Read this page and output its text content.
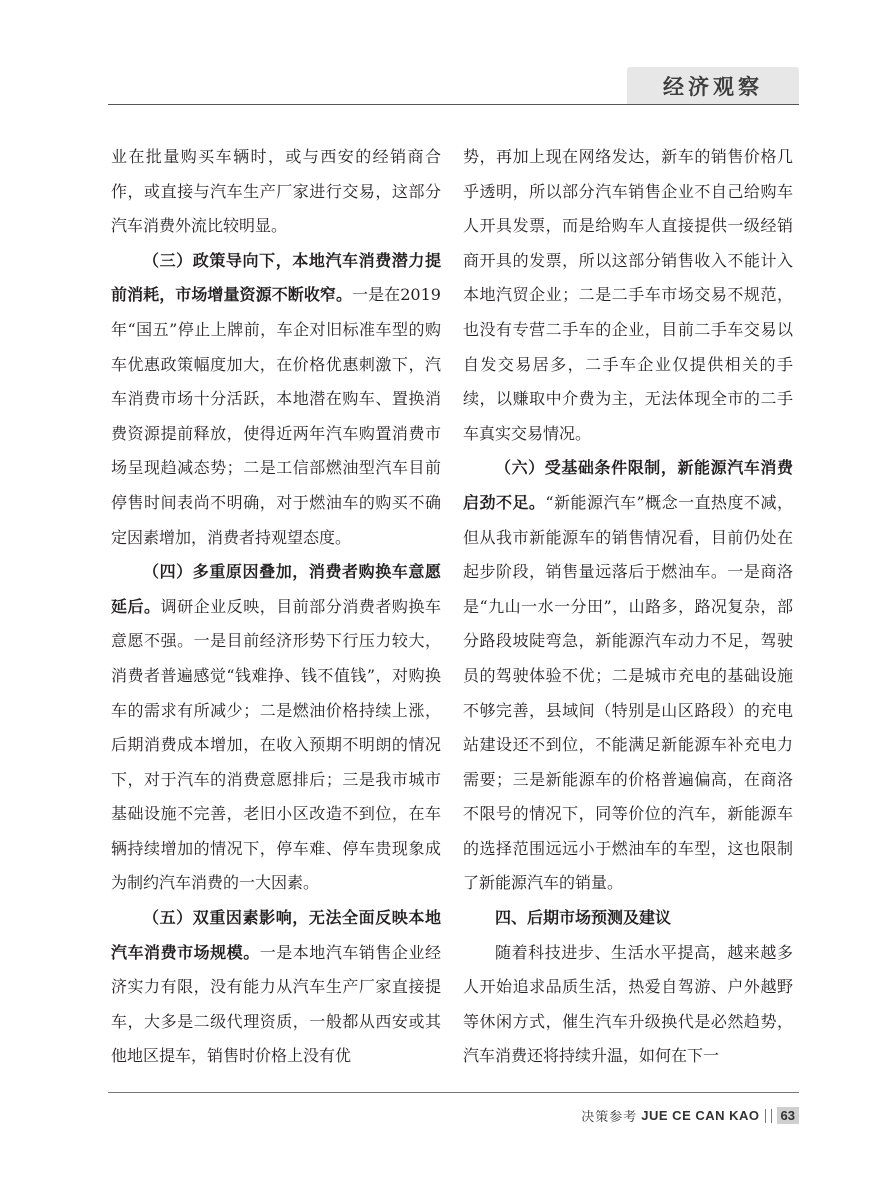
经济观察

业在批量购买车辆时，或与西安的经销商合作，或直接与汽车生产厂家进行交易，这部分汽车消费外流比较明显。

（三）政策导向下，本地汽车消费潜力提前消耗，市场增量资源不断收窄。一是在2019年“国五”停止上牌前，车企对旧标准车型的购车优惠政策幅度加大，在价格优惠刺激下，汽车消费市场十分活跃，本地潜在购车、置换消费资源提前释放，使得近两年汽车购置消费市场呈现趋减态势；二是工信部燃油型汽车目前停售时间表尚不明确，对于燃油车的购买不确定因素增加，消费者持观望态度。

（四）多重原因叠加，消费者购换车意愿延后。调研企业反映，目前部分消费者购换车意愿不强。一是目前经济形势下行压力较大，消费者普遍感觉“钱难挣、钱不值钱”，对购换车的需求有所减少；二是燃油价格持续上涨，后期消费成本增加，在收入预期不明朗的情况下，对于汽车的消费意愿排后；三是我市城市基础设施不完善，老旧小区改造不到位，在车辆持续增加的情况下，停车难、停车贵现象成为制约汽车消费的一大因素。

（五）双重因素影响，无法全面反映本地汽车消费市场规模。一是本地汽车销售企业经济实力有限，没有能力从汽车生产厂家直接提车，大多是二级代理资质，一般都从西安或其他地区提车，销售时价格上没有优

势，再加上现在网络发达，新车的销售价格几乎透明，所以部分汽车销售企业不自己给购车人开具发票，而是给购车人直接提供一级经销商开具的发票，所以这部分销售收入不能计入本地汽贸企业；二是二手车市场交易不规范，也没有专营二手车的企业，目前二手车交易以自发交易居多，二手车企业仅提供相关的手续，以赚取中介费为主，无法体现全市的二手车真实交易情况。

（六）受基础条件限制，新能源汽车消费启劲不足。“新能源汽车”概念一直热度不减，但从我市新能源车的销售情况看，目前仍处在起步阶段，销售量远落后于燃油车。一是商洛是“九山一水一分田”，山路多，路况复杂，部分路段坡陡弯急，新能源汽车动力不足，驾驶员的驾驶体验不优；二是城市充电的基础设施不够完善，县域间（特别是山区路段）的充电站建设还不到位，不能满足新能源车补充电力需要；三是新能源车的价格普遍偏高，在商洛不限号的情况下，同等价位的汽车，新能源车的选择范围远远小于燃油车的车型，这也限制了新能源汽车的销量。

四、后期市场预测及建议

随着科技进步、生活水平提高，越来越多人开始追求品质生活，热爱自驾游、户外越野等休闲方式，催生汽车升级换代是必然趋势，汽车消费还将持续升温，如何在下一

决策参考 JUE CE CAN KAO	63
